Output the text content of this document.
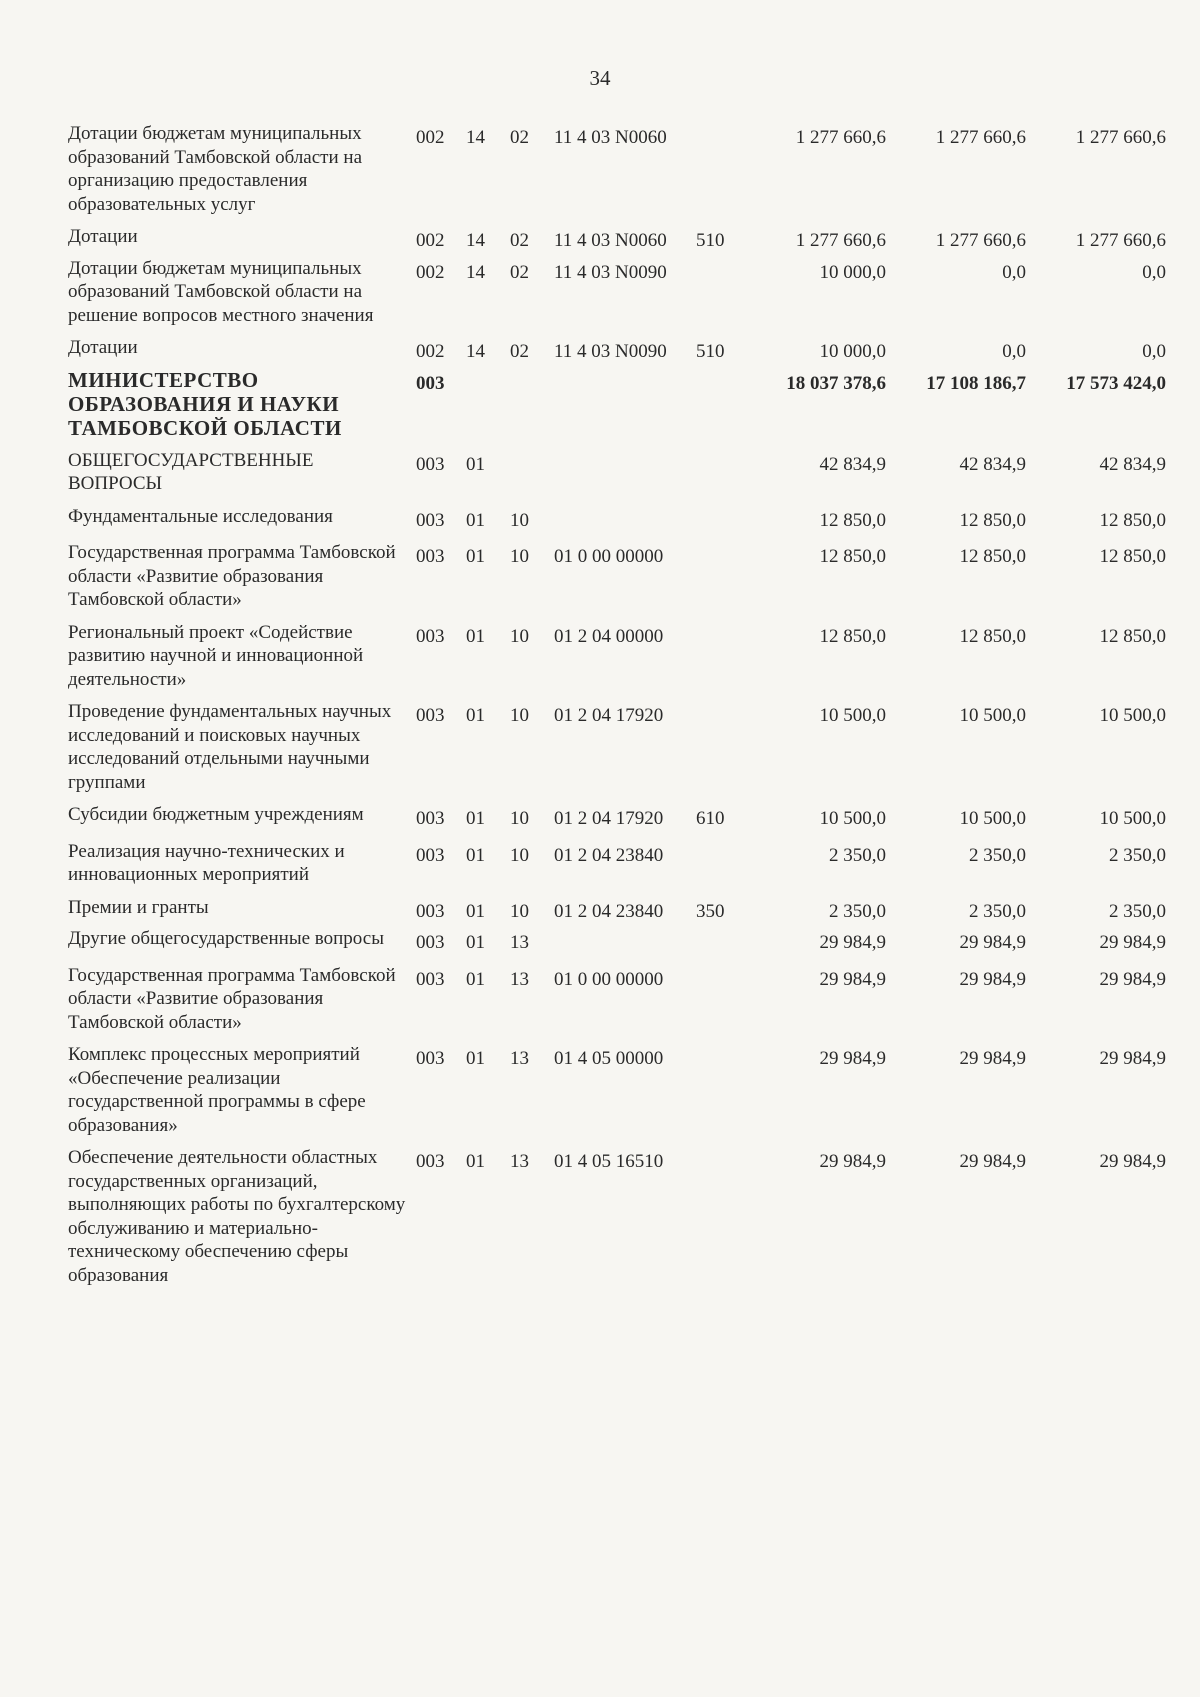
34
Дотации бюджетам муниципальных образований Тамбовской области на организацию предоставления образовательных услуг	002	14	02	11 4 03 N0060		1 277 660,6	1 277 660,6	1 277 660,6
Дотации	002	14	02	11 4 03 N0060	510	1 277 660,6	1 277 660,6	1 277 660,6
Дотации бюджетам муниципальных образований Тамбовской области на решение вопросов местного значения	002	14	02	11 4 03 N0090		10 000,0	0,0	0,0
Дотации	002	14	02	11 4 03 N0090	510	10 000,0	0,0	0,0
МИНИСТЕРСТВО ОБРАЗОВАНИЯ И НАУКИ ТАМБОВСКОЙ ОБЛАСТИ	003					18 037 378,6	17 108 186,7	17 573 424,0
ОБЩЕГОСУДАРСТВЕННЫЕ ВОПРОСЫ	003	01				42 834,9	42 834,9	42 834,9
Фундаментальные исследования	003	01	10			12 850,0	12 850,0	12 850,0
Государственная программа Тамбовской области «Развитие образования Тамбовской области»	003	01	10	01 0 00 00000		12 850,0	12 850,0	12 850,0
Региональный проект «Содействие развитию научной и инновационной деятельности»	003	01	10	01 2 04 00000		12 850,0	12 850,0	12 850,0
Проведение фундаментальных научных исследований и поисковых научных исследований отдельными научными группами	003	01	10	01 2 04 17920		10 500,0	10 500,0	10 500,0
Субсидии бюджетным учреждениям	003	01	10	01 2 04 17920	610	10 500,0	10 500,0	10 500,0
Реализация научно-технических и инновационных мероприятий	003	01	10	01 2 04 23840		2 350,0	2 350,0	2 350,0
Премии и гранты	003	01	10	01 2 04 23840	350	2 350,0	2 350,0	2 350,0
Другие общегосударственные вопросы	003	01	13			29 984,9	29 984,9	29 984,9
Государственная программа Тамбовской области «Развитие образования Тамбовской области»	003	01	13	01 0 00 00000		29 984,9	29 984,9	29 984,9
Комплекс процессных мероприятий «Обеспечение реализации государственной программы в сфере образования»	003	01	13	01 4 05 00000		29 984,9	29 984,9	29 984,9
Обеспечение деятельности областных государственных организаций, выполняющих работы по бухгалтерскому обслуживанию и материально-техническому обеспечению сферы образования	003	01	13	01 4 05 16510		29 984,9	29 984,9	29 984,9
